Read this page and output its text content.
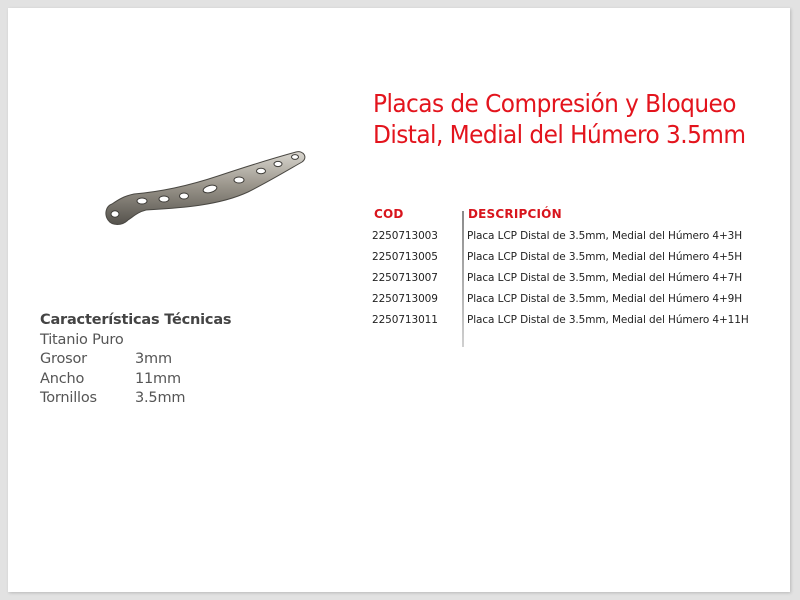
Placas de Compresión y Bloqueo
Distal, Medial del Húmero 3.5mm
COD	DESCRIPCIÓN
2250713003	Placa LCP Distal de 3.5mm, Medial del Húmero 4+3H
2250713005	Placa LCP Distal de 3.5mm, Medial del Húmero 4+5H
2250713007	Placa LCP Distal de 3.5mm, Medial del Húmero 4+7H
2250713009	Placa LCP Distal de 3.5mm, Medial del Húmero 4+9H
2250713011	Placa LCP Distal de 3.5mm, Medial del Húmero 4+11H
Características Técnicas
Titanio Puro
Grosor	3mm
Ancho	11mm
Tornillos	3.5mm
